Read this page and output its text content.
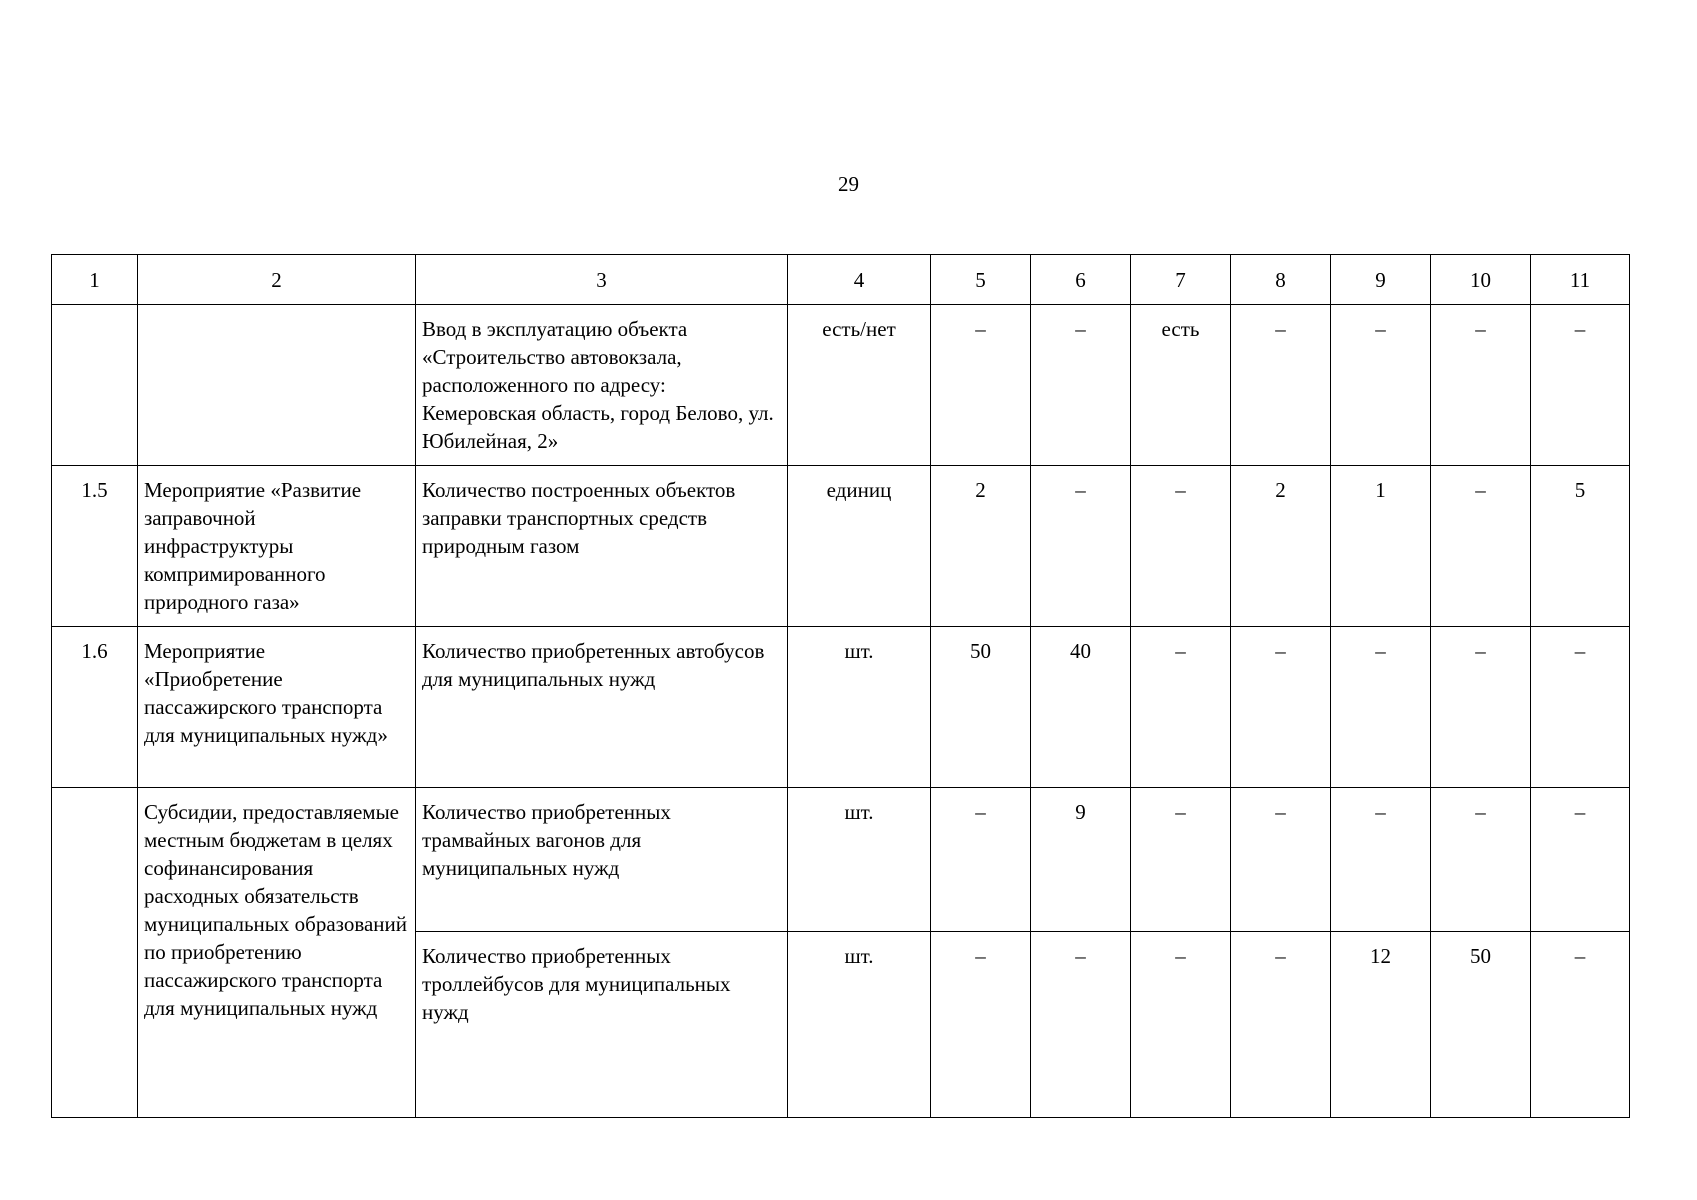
29
1	2	3	4	5	6	7	8	9	10	11
		Ввод в эксплуатацию объекта «Строительство автовокзала, расположенного по адресу: Кемеровская область, город Белово, ул. Юбилейная, 2»	есть/нет	–	–	есть	–	–	–	–
1.5	Мероприятие «Развитие заправочной инфраструктуры компримированного природного газа»	Количество построенных объектов заправки транспортных средств природным газом	единиц	2	–	–	2	1	–	5
1.6	Мероприятие «Приобретение пассажирского транспорта для муниципальных нужд»	Количество приобретенных автобусов для муниципальных нужд	шт.	50	40	–	–	–	–	–
	Субсидии, предоставляемые местным бюджетам в целях софинансирования расходных обязательств муниципальных образований по приобретению пассажирского транспорта для муниципальных нужд	Количество приобретенных трамвайных вагонов для муниципальных нужд	шт.	–	9	–	–	–	–	–
		Количество приобретенных троллейбусов для муниципальных нужд	шт.	–	–	–	–	12	50	–
